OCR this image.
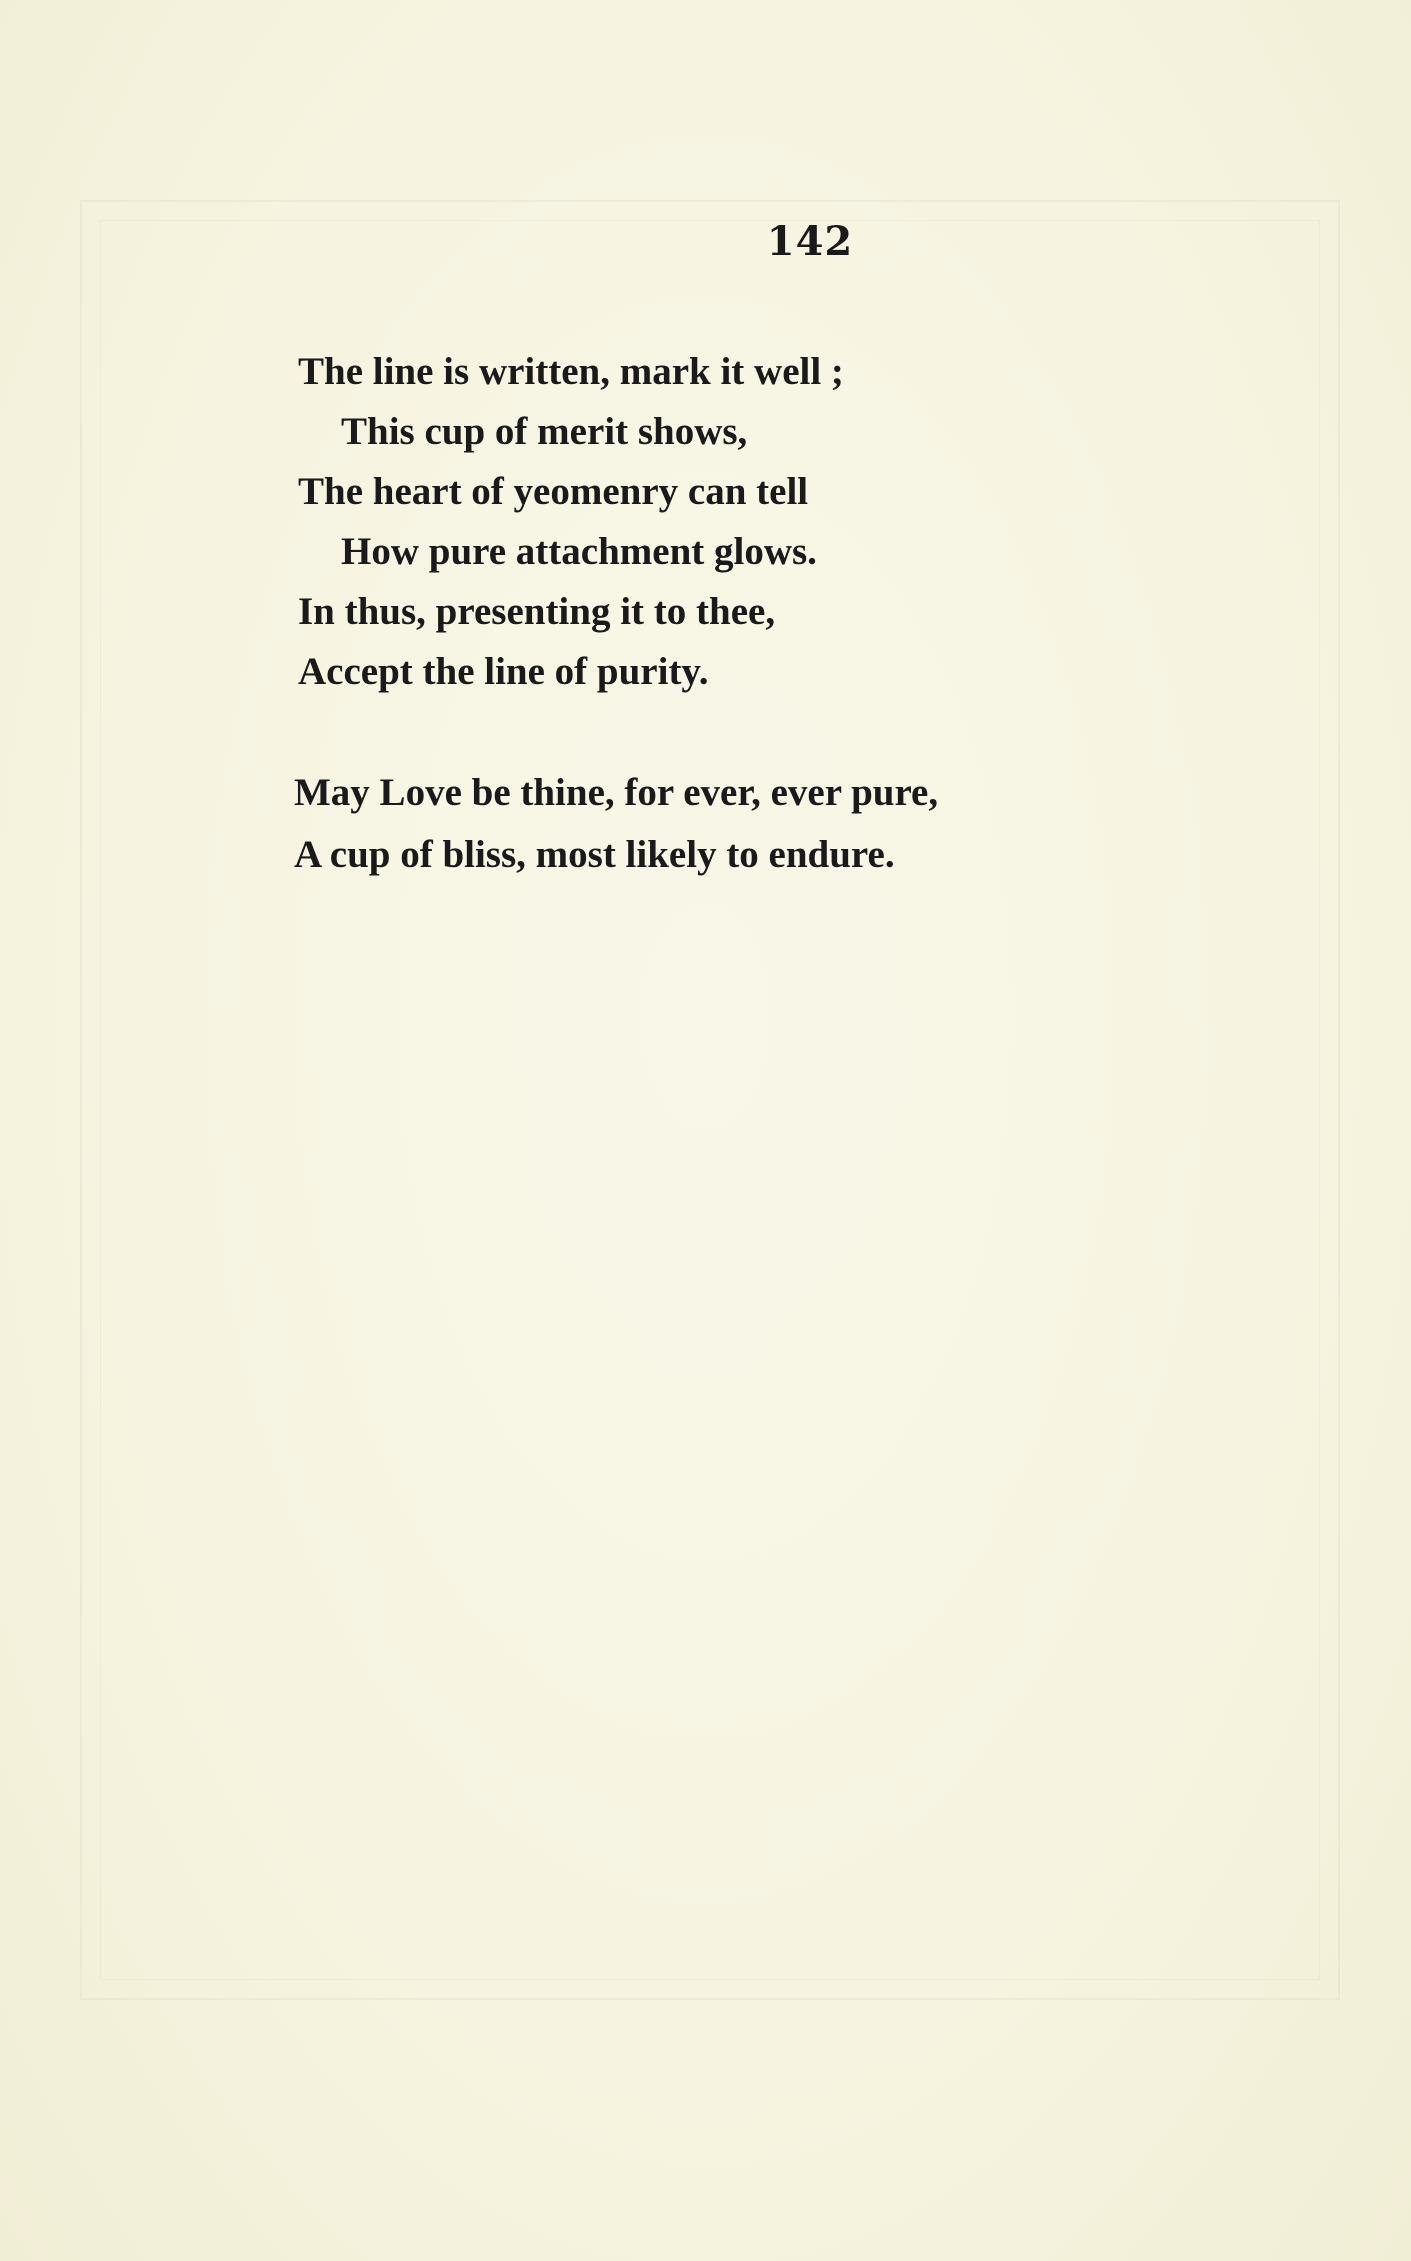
142
The line is written, mark it well ;
This cup of merit shows,
The heart of yeomenry can tell
How pure attachment glows.
In thus, presenting it to thee,
Accept the line of purity.
May Love be thine, for ever, ever pure,
A cup of bliss, most likely to endure.
